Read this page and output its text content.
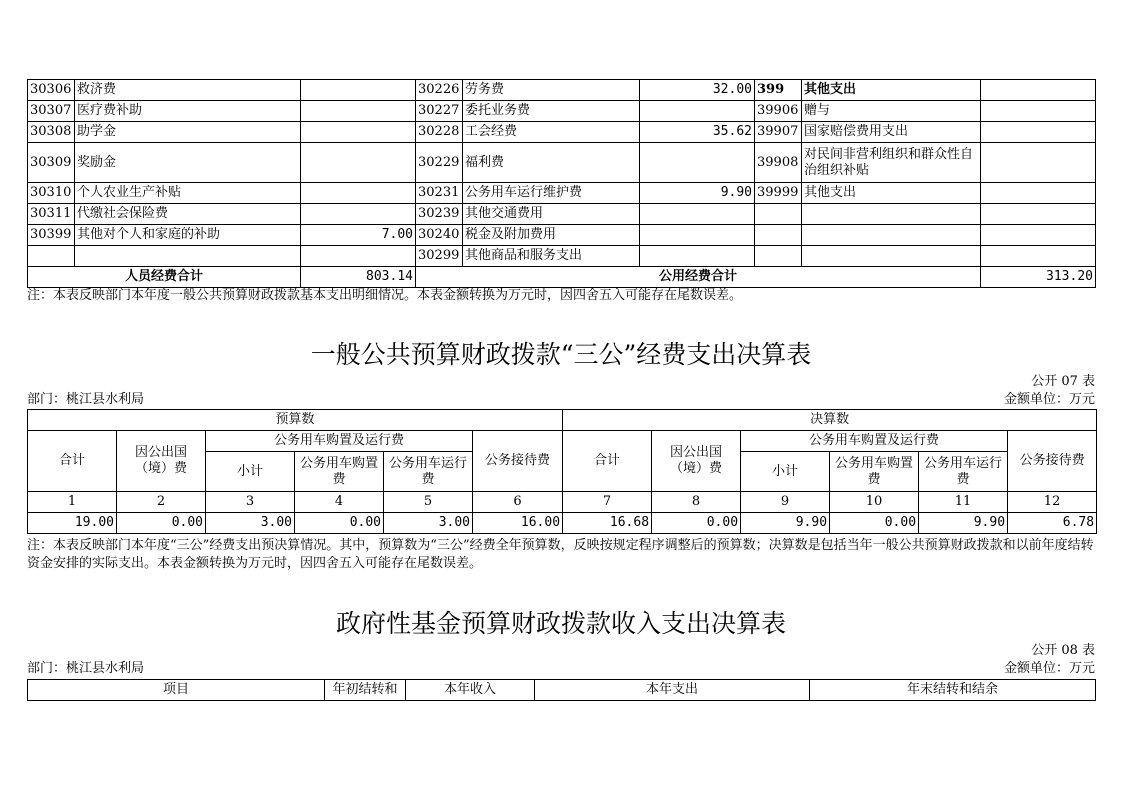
30306	救济费		30226	劳务费	32.00	399	其他支出	
30307	医疗费补助		30227	委托业务费		39906	赠与	
30308	助学金		30228	工会经费	35.62	39907	国家赔偿费用支出	
30309	奖励金		30229	福利费		39908	对民间非营利组织和群众性自治组织补贴	
30310	个人农业生产补贴		30231	公务用车运行维护费	9.90	39999	其他支出	
30311	代缴社会保险费		30239	其他交通费用				
30399	其他对个人和家庭的补助	7.00	30240	税金及附加费用				
			30299	其他商品和服务支出				
人员经费合计		803.14	公用经费合计					313.20
注：本表反映部门本年度一般公共预算财政拨款基本支出明细情况。本表金额转换为万元时，因四舍五入可能存在尾数误差。
一般公共预算财政拨款“三公”经费支出决算表
公开 07 表
部门：桃江县水利局	金额单位：万元
预算数						决算数					
合计	因公出国（境）费	公务用车购置及运行费			公务接待费	合计	因公出国（境）费	公务用车购置及运行费			公务接待费
		小计	公务用车购置费	公务用车运行费				小计	公务用车购置费	公务用车运行费	
1	2	3	4	5	6	7	8	9	10	11	12
19.00	0.00	3.00	0.00	3.00	16.00	16.68	0.00	9.90	0.00	9.90	6.78
注：本表反映部门本年度“三公”经费支出预决算情况。其中，预算数为“三公”经费全年预算数，反映按规定程序调整后的预算数；决算数是包括当年一般公共预算财政拨款和以前年度结转资金安排的实际支出。本表金额转换为万元时，因四舍五入可能存在尾数误差。
政府性基金预算财政拨款收入支出决算表
公开 08 表
部门：桃江县水利局	金额单位：万元
项目	年初结转和	本年收入	本年支出	年末结转和结余
